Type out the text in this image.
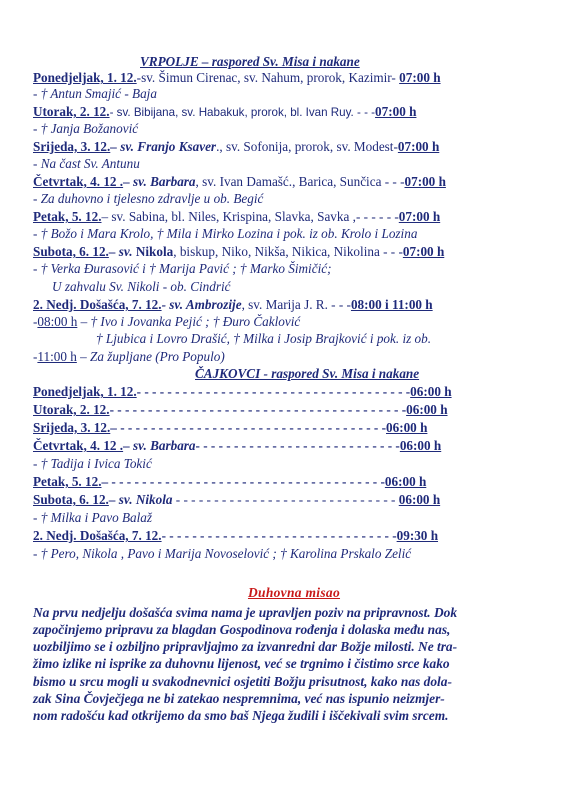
VRPOLJE – raspored Sv. Misa i nakane
Ponedjeljak, 1. 12.-sv. Šimun Cirenac, sv. Nahum, prorok, Kazimir- 07:00 h
- † Antun Smajić - Baja
Utorak, 2. 12.- sv. Bibijana, sv. Habakuk, prorok, bl. Ivan Ruy. - - -07:00 h
- † Janja Božanović
Srijeda, 3. 12.– sv. Franjo Ksaver., sv. Sofonija, prorok, sv. Modest-07:00 h
- Na čast Sv. Antunu
Četvrtak, 4. 12 .– sv. Barbara, sv. Ivan Damašć., Barica, Sunčica - - -07:00 h
- Za duhovno i tjelesno zdravlje u ob. Begić
Petak, 5. 12.– sv. Sabina, bl. Niles, Krispina, Slavka, Savka ,- - - - - -07:00 h
- † Božo i Mara Krolo, † Mila i Mirko Lozina i pok. iz ob. Krolo i Lozina
Subota, 6. 12.– sv. Nikola, biskup, Niko, Nikša, Nikica, Nikolina - - -07:00 h
- † Verka Đurasović i † Marija Pavić ; † Marko Šimičić;
U zahvalu Sv. Nikoli - ob. Cindrić
2. Nedj. Došašća, 7. 12.- sv. Ambrozije, sv. Marija J. R. - - -08:00 i 11:00 h
-08:00 h – † Ivo i Jovanka Pejić ; † Đuro Čaklović
† Ljubica i Lovro Drašić, † Milka i Josip Brajković i pok. iz ob.
-11:00 h – Za župljane (Pro Populo)
ČAJKOVCI - raspored Sv. Misa i nakane
Ponedjeljak, 1. 12.- - - - - - - - - - - - - - - - - - - - - - - - - - - - - - - - - - - -06:00 h
Utorak, 2. 12.- - - - - - - - - - - - - - - - - - - - - - - - - - - - - - - - - - - - - - -06:00 h
Srijeda, 3. 12.– - - - - - - - - - - - - - - - - - - - - - - - - - - - - - - - - - - -06:00 h
Četvrtak, 4. 12 .– sv. Barbara- - - - - - - - - - - - - - - - - - - - - - - - - - -06:00 h
- † Tadija i Ivica Tokić
Petak, 5. 12.– - - - - - - - - - - - - - - - - - - - - - - - - - - - - - - - - - - - -06:00 h
Subota, 6. 12.– sv. Nikola - - - - - - - - - - - - - - - - - - - - - - - - - - - - - 06:00 h
- † Milka i Pavo Balaž
2. Nedj. Došašća, 7. 12.- - - - - - - - - - - - - - - - - - - - - - - - - - - - - - -09:30 h
- † Pero, Nikola , Pavo i Marija Novoselović ; † Karolina Prskalo Zelić
Duhovna misao
Na prvu nedjelju došašća svima nama je upravljen poziv na pripravnost. Dok
započinjemo pripravu za blagdan Gospodinova rođenja i dolaska među nas,
uozbiljimo se i ozbiljno pripravljajmo za izvanredni dar Božje milosti. Ne tra-
žimo izlike ni isprike za duhovnu lijenost, već se trgnimo i čistimo srce kako
bismo u srcu mogli u svakodnevnici osjetiti Božju prisutnost, kako nas dola-
zak Sina Čovječjega ne bi zatekao nespremnima, već nas ispunio neizmjer-
nom radošću kad otkrijemo da smo baš Njega žudili i iščekivali svim srcem.
